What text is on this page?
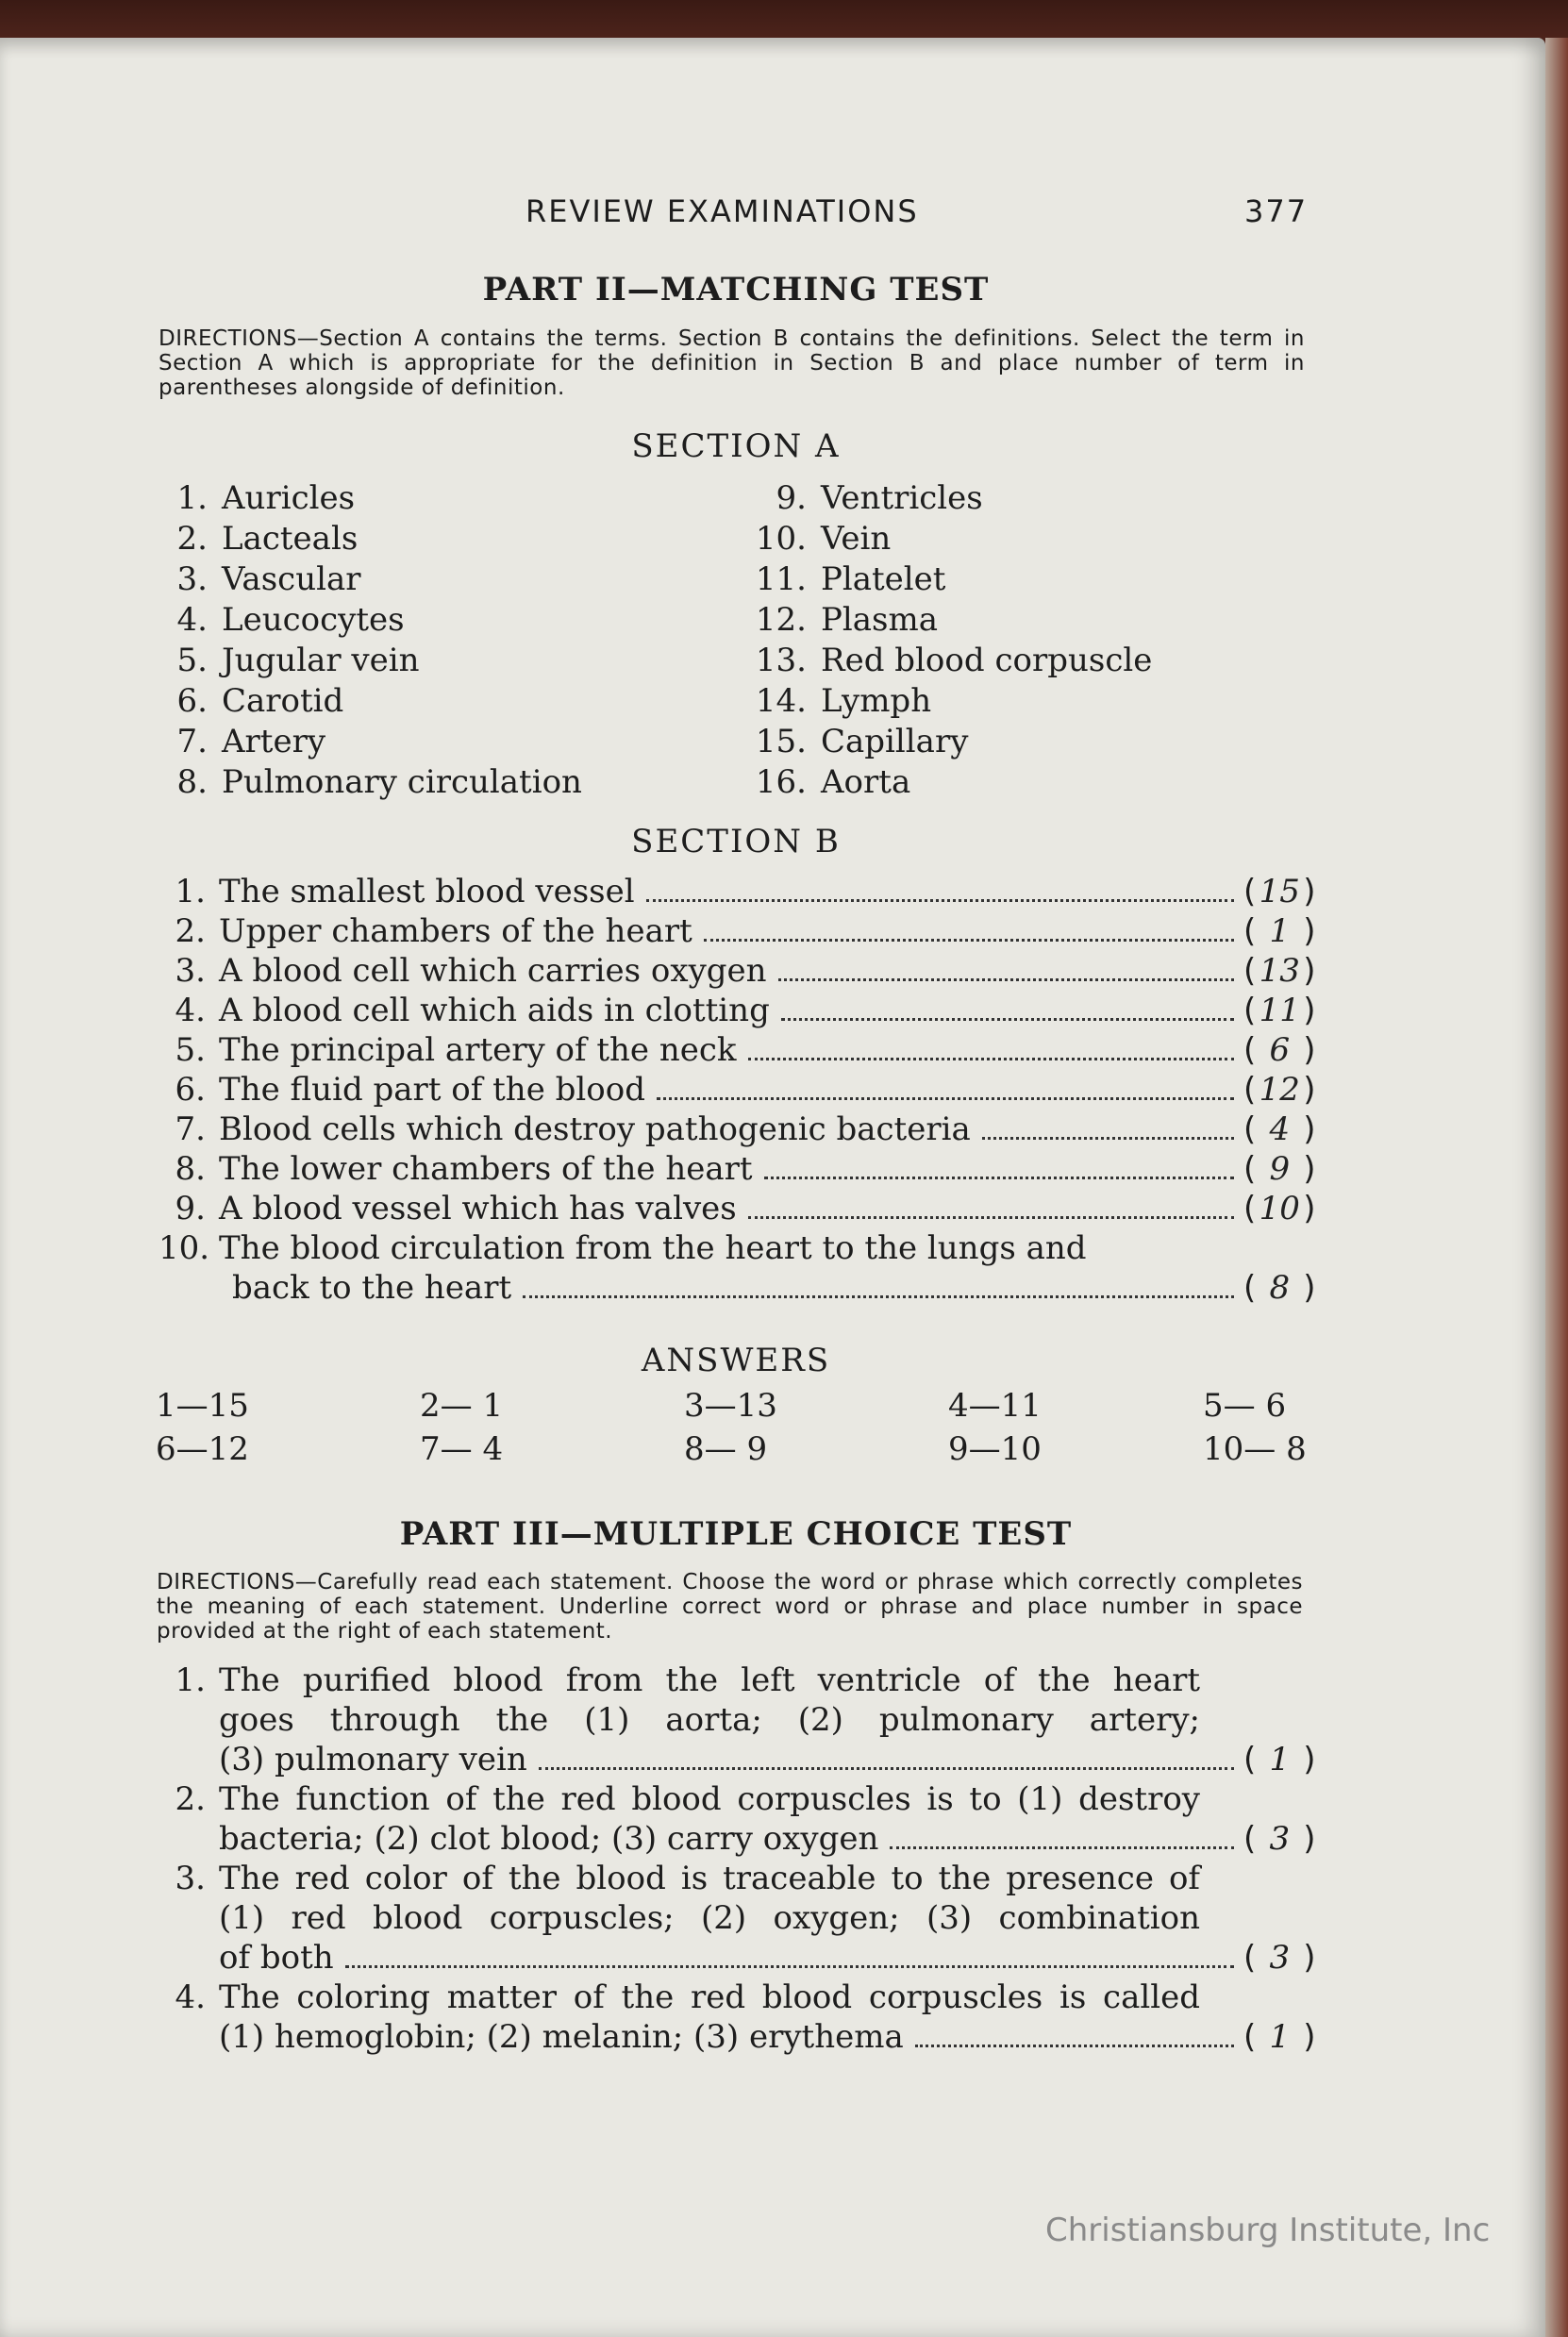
REVIEW EXAMINATIONS	377
PART II—MATCHING TEST
DIRECTIONS—Section A contains the terms. Section B contains the definitions. Select the term in Section A which is appropriate for the definition in Section B and place number of term in parentheses alongside of definition.
SECTION A
1. Auricles
2. Lacteals
3. Vascular
4. Leucocytes
5. Jugular vein
6. Carotid
7. Artery
8. Pulmonary circulation
9. Ventricles
10. Vein
11. Platelet
12. Plasma
13. Red blood corpuscle
14. Lymph
15. Capillary
16. Aorta
SECTION B
1. The smallest blood vessel	(15)
2. Upper chambers of the heart	( 1 )
3. A blood cell which carries oxygen	(13)
4. A blood cell which aids in clotting	(11)
5. The principal artery of the neck	( 6 )
6. The fluid part of the blood	(12)
7. Blood cells which destroy pathogenic bacteria	( 4 )
8. The lower chambers of the heart	( 9 )
9. A blood vessel which has valves	(10)
10. The blood circulation from the heart to the lungs and
back to the heart	( 8 )
ANSWERS
1—15	2— 1	3—13	4—11	5— 6
6—12	7— 4	8— 9	9—10	10— 8
PART III—MULTIPLE CHOICE TEST
DIRECTIONS—Carefully read each statement. Choose the word or phrase which correctly completes the meaning of each statement. Underline correct word or phrase and place number in space provided at the right of each statement.
1. The purified blood from the left ventricle of the heart
goes through the (1) aorta; (2) pulmonary artery;
(3) pulmonary vein	( 1 )
2. The function of the red blood corpuscles is to (1) destroy
bacteria; (2) clot blood; (3) carry oxygen	( 3 )
3. The red color of the blood is traceable to the presence of
(1) red blood corpuscles; (2) oxygen; (3) combination
of both	( 3 )
4. The coloring matter of the red blood corpuscles is called
(1) hemoglobin; (2) melanin; (3) erythema	( 1 )
Christiansburg Institute, Inc
